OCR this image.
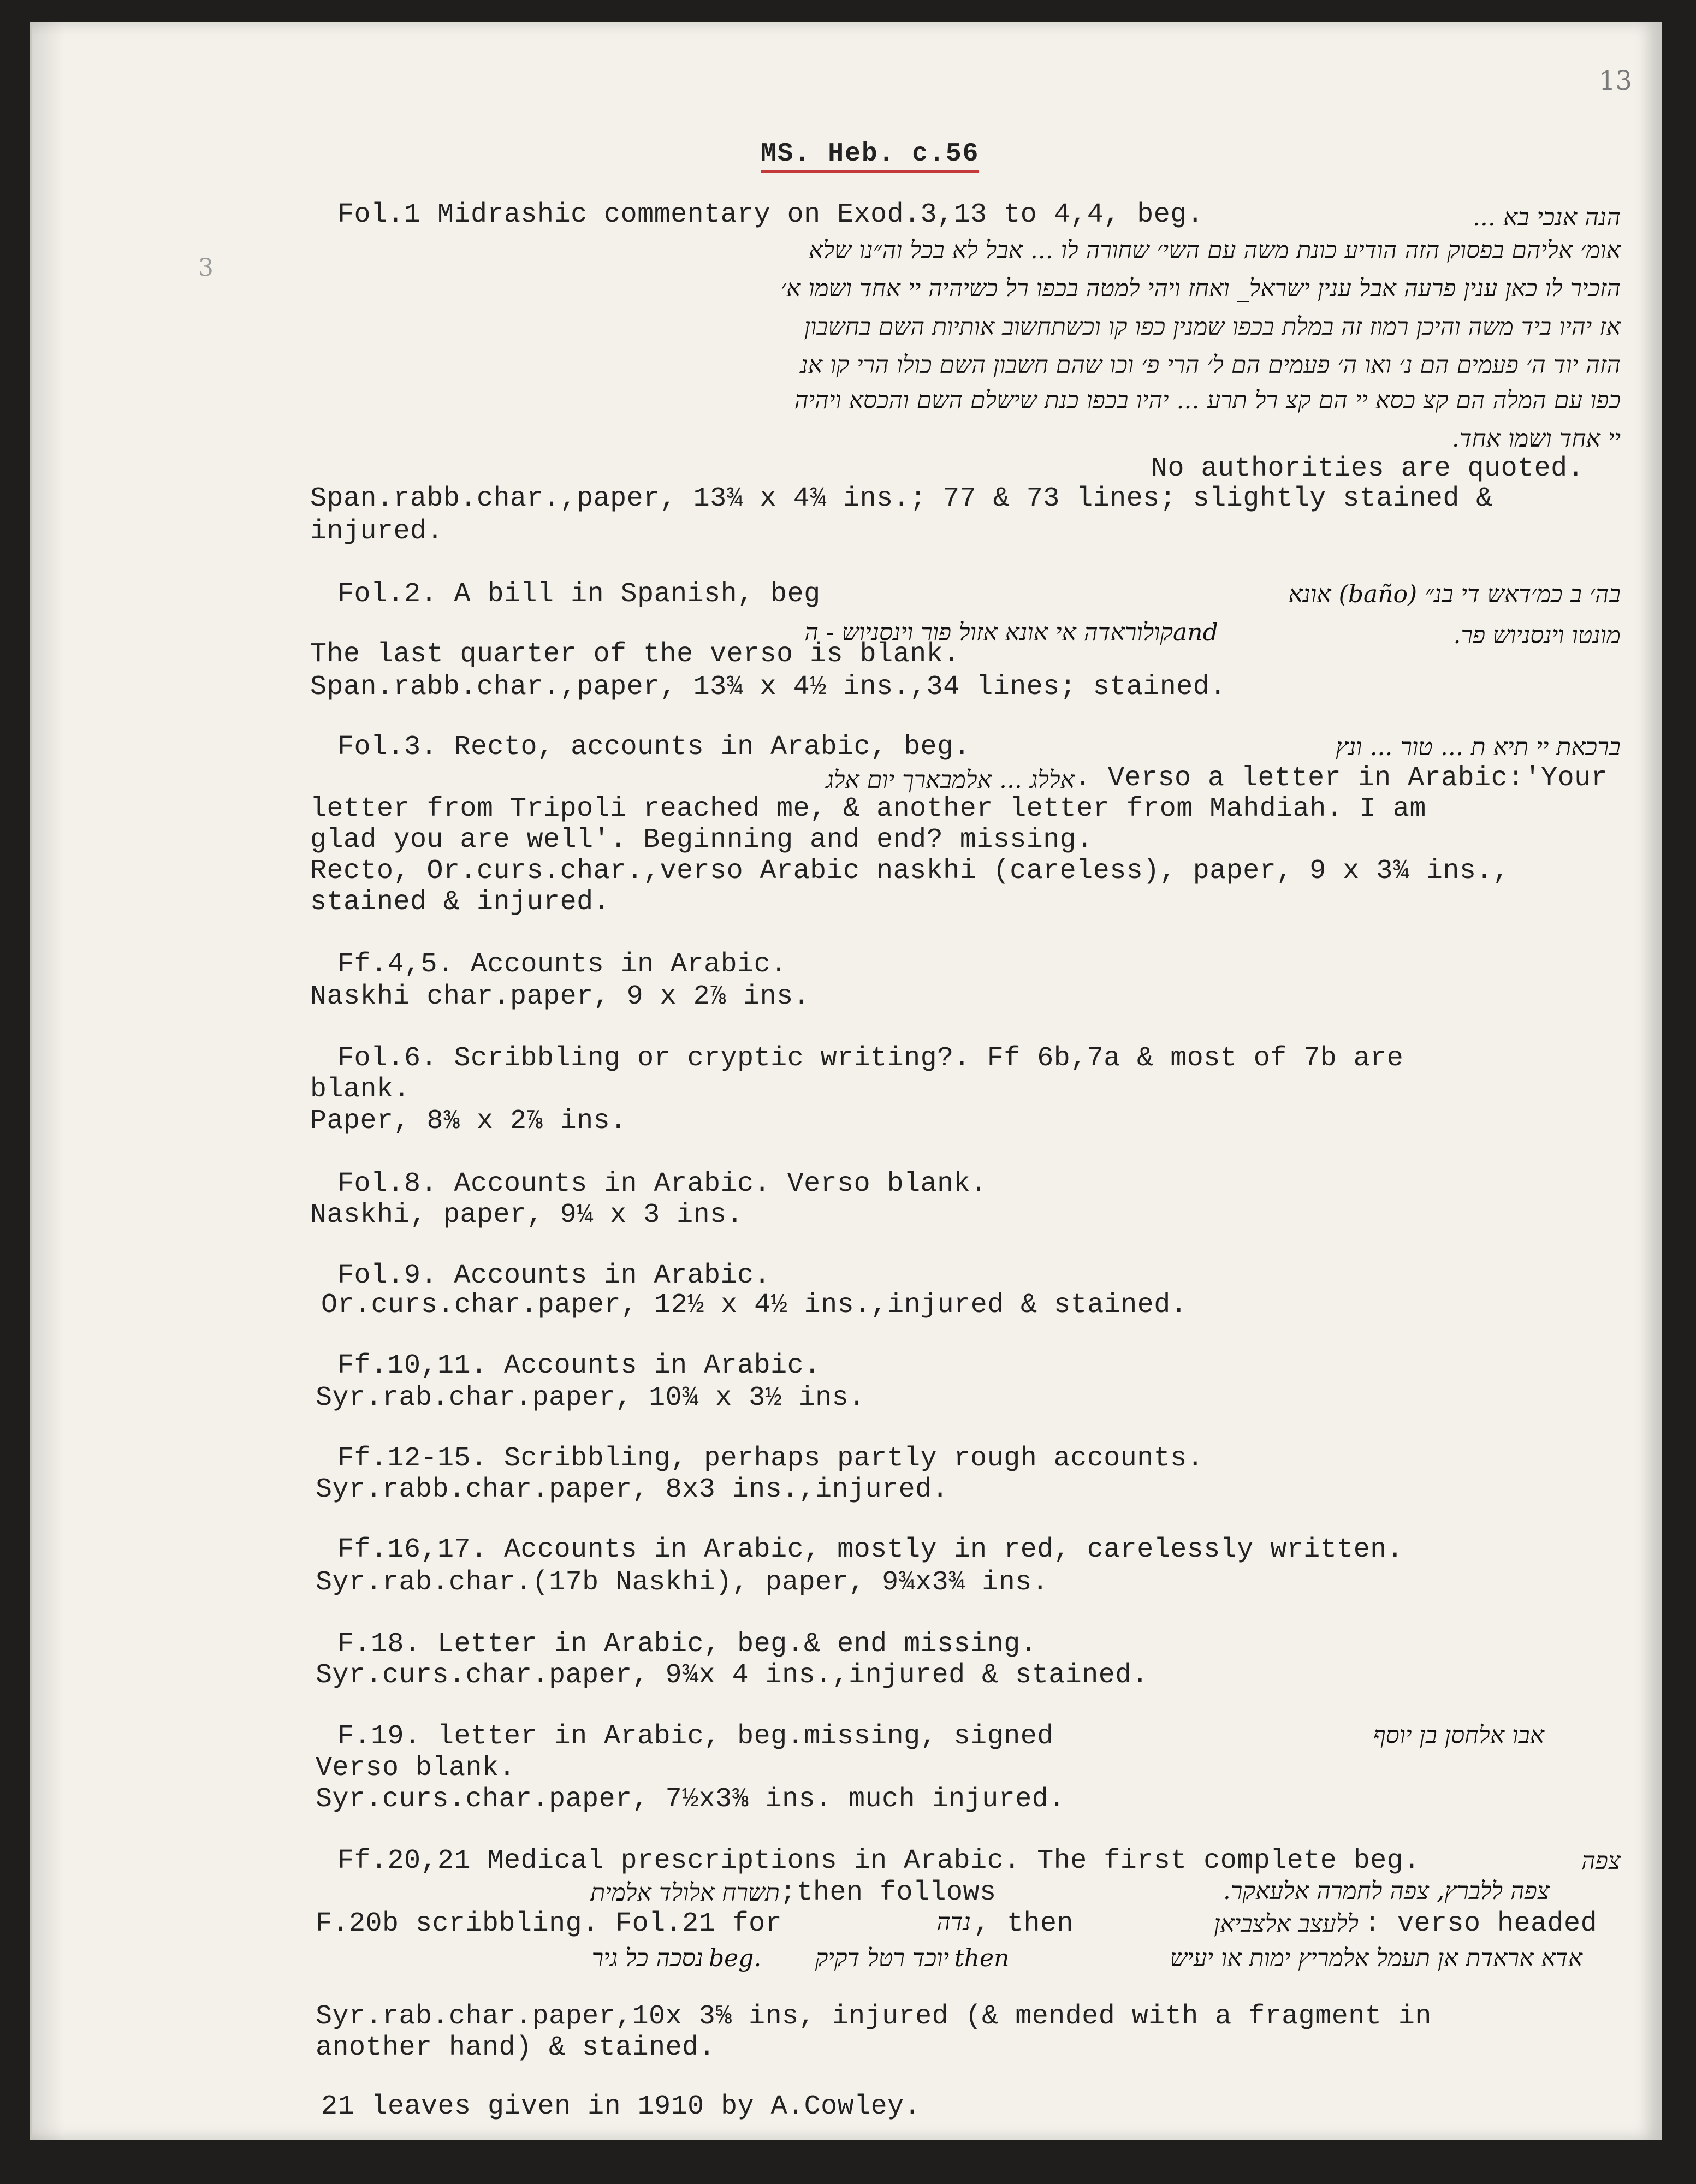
13
3
MS. Heb. c.56
Fol.1 Midrashic commentary on Exod.3,13 to 4,4, beg.	הנה אנכי בא ...
אומ׳ אליהם בפסוק הזה הודיע כונת משה עם השי׳ שחורה לו ... אבל לא בכל וה״נו שלא
הזכיר לו כאן ענין פרעה אבל ענין ישראל_ ואחז ויהי למטה בכפו רל כשיהיה יי אחד ושמו א׳
אז יהיו ביד משה והיכן רמוז זה במלת בכפו שמנין כפו קו וכשתחשוב אותיות השם בחשבון
הזה יוד ה׳ פעמים הם נ׳ ואו ה׳ פעמים הם ל׳ הרי פ׳ וכו שהם חשבון השם כולו הרי קו אנ
כפו עם המלה הם קצ כסא יי הם קצ רל תרע ... יהיו בכפו כנת שישלם השם והכסא ויהיה
יי אחד ושמו אחד.
No authorities are quoted.
Span.rabb.char.,paper, 13¾ x 4¾ ins.; 77 & 73 lines; slightly stained &
injured.
Fol.2. A bill in Spanish, beg	בה׳ ב כמ׳דאש די בנ״ (baño) אונא
קולוראדה אי אונא אזול פור וינסניוש - ה and	מונטו וינסניוש פר.
The last quarter of the verso is blank.
Span.rabb.char.,paper, 13¾ x 4½ ins.,34 lines; stained.
Fol.3. Recto, accounts in Arabic, beg.	ברכאת יי תיא ת ... טור ... ונץ
אללג ... אלמבארך יום אלג . Verso a letter in Arabic:'Your
letter from Tripoli reached me, & another letter from Mahdiah. I am
glad you are well'. Beginning and end? missing.
Recto, Or.curs.char.,verso Arabic naskhi (careless), paper, 9 x 3¾ ins.,
stained & injured.
Ff.4,5. Accounts in Arabic.
Naskhi char.paper, 9 x 2⅞ ins.
Fol.6. Scribbling or cryptic writing?. Ff 6b,7a & most of 7b are
blank.
Paper, 8⅜ x 2⅞ ins.
Fol.8. Accounts in Arabic. Verso blank.
Naskhi, paper, 9¼ x 3 ins.
Fol.9. Accounts in Arabic.
Or.curs.char.paper, 12½ x 4½ ins.,injured & stained.
Ff.10,11. Accounts in Arabic.
Syr.rab.char.paper, 10¾ x 3½ ins.
Ff.12-15. Scribbling, perhaps partly rough accounts.
Syr.rabb.char.paper, 8x3 ins.,injured.
Ff.16,17. Accounts in Arabic, mostly in red, carelessly written.
Syr.rab.char.(17b Naskhi), paper, 9¾x3¾ ins.
F.18. Letter in Arabic, beg.& end missing.
Syr.curs.char.paper, 9¾x 4 ins.,injured & stained.
F.19. letter in Arabic, beg.missing, signed	אבו אלחסן בן יוסף
Verso blank.
Syr.curs.char.paper, 7½x3⅜ ins. much injured.
Ff.20,21 Medical prescriptions in Arabic. The first complete beg.	צפה
תשרח אלולד אלמית ;then follows	צפה ללברץ, צפה לחמרה אלעאקר.
F.20b scribbling. Fol.21 for	נדה , then	ללעצב אלצביאן : verso headed
אדא אראדת אן תעמל אלמריץ ימות או יעיש
then
יוכד רטל דקיק
beg.
נסכה כל גיר
Syr.rab.char.paper,10x 3⅝ ins, injured (& mended with a fragment in
another hand) & stained.
21 leaves given in 1910 by A.Cowley.
